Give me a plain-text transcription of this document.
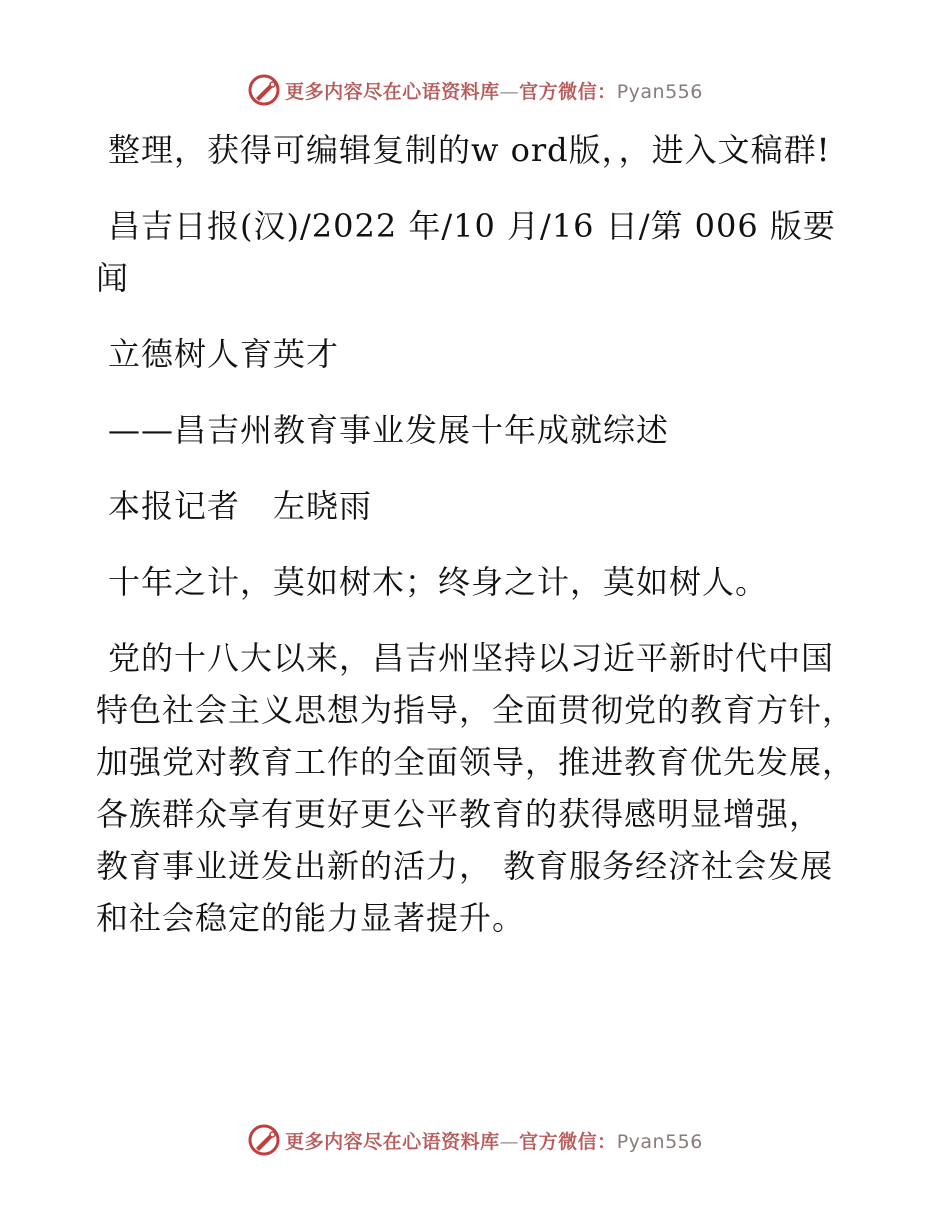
更多内容尽在心语资料库—官方微信：Pyan556

整理，获得可编辑复制的w ord版，，进入文稿群!

昌吉日报(汉)/2022 年/10 月/16 日/第 006 版要闻

立德树人育英才

——昌吉州教育事业发展十年成就综述

本报记者　左晓雨

十年之计，莫如树木；终身之计，莫如树人。

党的十八大以来，昌吉州坚持以习近平新时代中国特色社会主义思想为指导，全面贯彻党的教育方针，加强党对教育工作的全面领导，推进教育优先发展，各族群众享有更好更公平教育的获得感明显增强， 教育事业迸发出新的活力， 教育服务经济社会发展和社会稳定的能力显著提升。

更多内容尽在心语资料库—官方微信：Pyan556
